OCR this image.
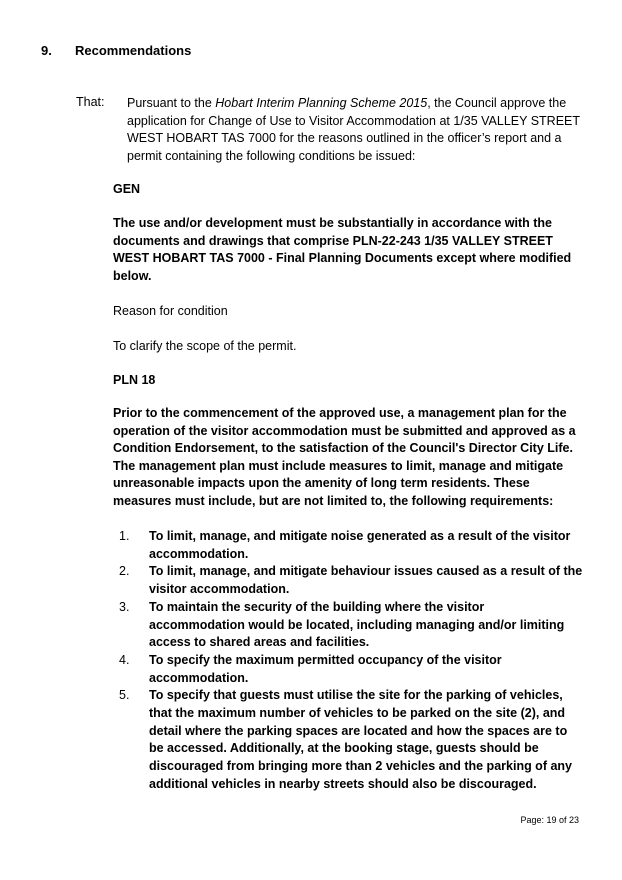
9. Recommendations
That: Pursuant to the Hobart Interim Planning Scheme 2015, the Council approve the application for Change of Use to Visitor Accommodation at 1/35 VALLEY STREET WEST HOBART TAS 7000 for the reasons outlined in the officer’s report and a permit containing the following conditions be issued:
GEN
The use and/or development must be substantially in accordance with the documents and drawings that comprise PLN-22-243 1/35 VALLEY STREET WEST HOBART TAS 7000 - Final Planning Documents except where modified below.
Reason for condition
To clarify the scope of the permit.
PLN 18
Prior to the commencement of the approved use, a management plan for the operation of the visitor accommodation must be submitted and approved as a Condition Endorsement, to the satisfaction of the Council's Director City Life. The management plan must include measures to limit, manage and mitigate unreasonable impacts upon the amenity of long term residents. These measures must include, but are not limited to, the following requirements:
1. To limit, manage, and mitigate noise generated as a result of the visitor accommodation.
2. To limit, manage, and mitigate behaviour issues caused as a result of the visitor accommodation.
3. To maintain the security of the building where the visitor accommodation would be located, including managing and/or limiting access to shared areas and facilities.
4. To specify the maximum permitted occupancy of the visitor accommodation.
5. To specify that guests must utilise the site for the parking of vehicles, that the maximum number of vehicles to be parked on the site (2), and detail where the parking spaces are located and how the spaces are to be accessed. Additionally, at the booking stage, guests should be discouraged from bringing more than 2 vehicles and the parking of any additional vehicles in nearby streets should also be discouraged.
Page: 19 of 23
